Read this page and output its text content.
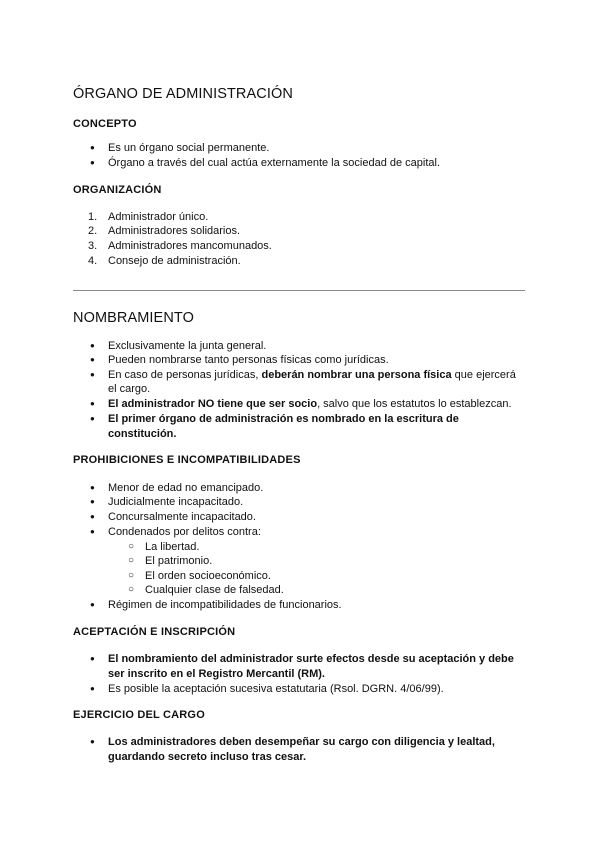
ÓRGANO DE ADMINISTRACIÓN
CONCEPTO
● Es un órgano social permanente.
● Órgano a través del cual actúa externamente la sociedad de capital.
ORGANIZACIÓN
1. Administrador único.
2. Administradores solidarios.
3. Administradores mancomunados.
4. Consejo de administración.
NOMBRAMIENTO
● Exclusivamente la junta general.
● Pueden nombrarse tanto personas físicas como jurídicas.
● En caso de personas jurídicas, deberán nombrar una persona física que ejercerá
el cargo.
● El administrador NO tiene que ser socio, salvo que los estatutos lo establezcan.
● El primer órgano de administración es nombrado en la escritura de
constitución.
PROHIBICIONES E INCOMPATIBILIDADES
● Menor de edad no emancipado.
● Judicialmente incapacitado.
● Concursalmente incapacitado.
● Condenados por delitos contra:
○ La libertad.
○ El patrimonio.
○ El orden socioeconómico.
○ Cualquier clase de falsedad.
● Régimen de incompatibilidades de funcionarios.
ACEPTACIÓN E INSCRIPCIÓN
● El nombramiento del administrador surte efectos desde su aceptación y debe
ser inscrito en el Registro Mercantil (RM).
● Es posible la aceptación sucesiva estatutaria (Rsol. DGRN. 4/06/99).
EJERCICIO DEL CARGO
● Los administradores deben desempeñar su cargo con diligencia y lealtad,
guardando secreto incluso tras cesar.
